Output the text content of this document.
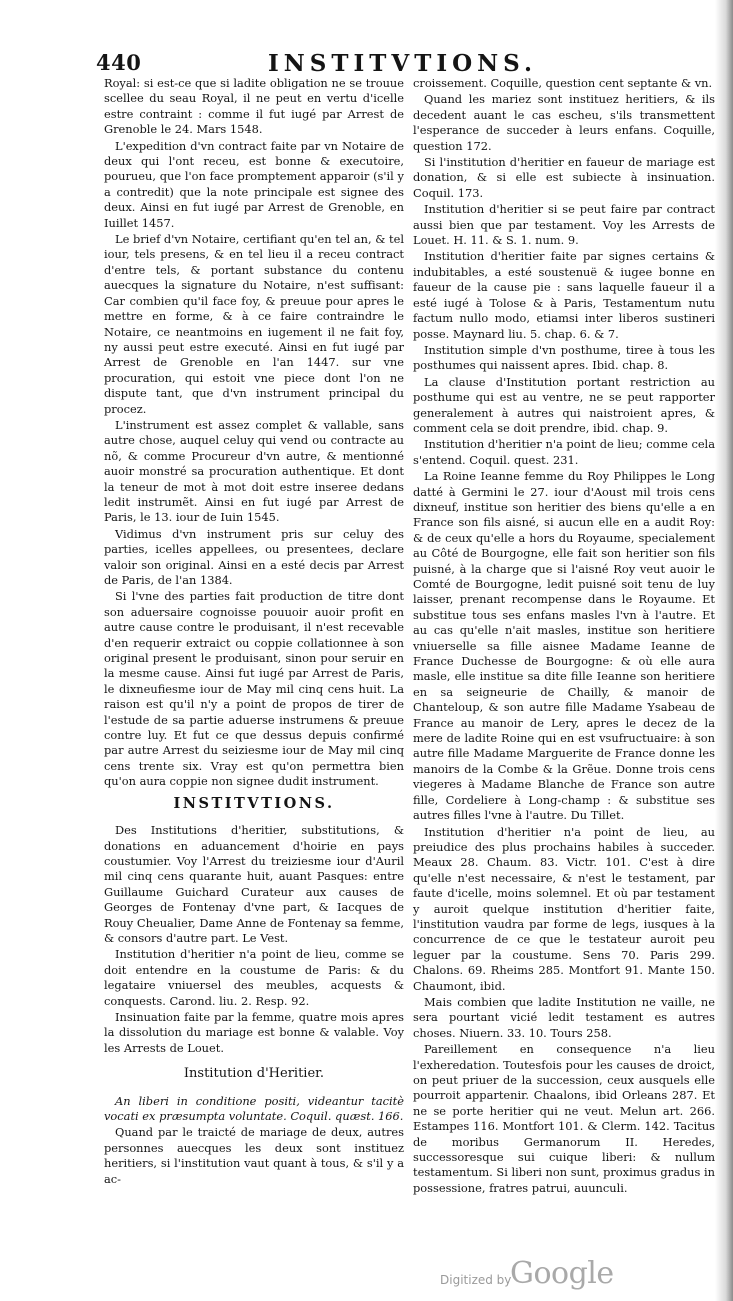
440	INSTITVTIONS.

Royal: si est-ce que si ladite obligation ne se trouue scellee du seau Royal, il ne peut en vertu d'icelle estre contraint : comme il fut iugé par Arrest de Grenoble le 24. Mars 1548.

L'expedition d'vn contract faite par vn Notaire de deux qui l'ont receu, est bonne & executoire, pourueu, que l'on face promptement apparoir (s'il y a contredit) que la note principale est signee des deux. Ainsi en fut iugé par Arrest de Grenoble, en Iuillet 1457.

Le brief d'vn Notaire, certifiant qu'en tel an, & tel iour, tels presens, & en tel lieu il a receu contract d'entre tels, & portant substance du contenu auecques la signature du Notaire, n'est suffisant: Car combien qu'il face foy, & preuue pour apres le mettre en forme, & à ce faire contraindre le Notaire, ce neantmoins en iugement il ne fait foy, ny aussi peut estre executé. Ainsi en fut iugé par Arrest de Grenoble en l'an 1447. sur vne procuration, qui estoit vne piece dont l'on ne dispute tant, que d'vn instrument principal du procez.

L'instrument est assez complet & vallable, sans autre chose, auquel celuy qui vend ou contracte au nõ, & comme Procureur d'vn autre, & mentionné auoir monstré sa procuration authentique. Et dont la teneur de mot à mot doit estre inseree dedans ledit instrumẽt. Ainsi en fut iugé par Arrest de Paris, le 13. iour de Iuin 1545.

Vidimus d'vn instrument pris sur celuy des parties, icelles appellees, ou presentees, declare valoir son original. Ainsi en a esté decis par Arrest de Paris, de l'an 1384.

Si l'vne des parties fait production de titre dont son aduersaire cognoisse pouuoir auoir profit en autre cause contre le produisant, il n'est recevable d'en requerir extraict ou coppie collationnee à son original present le produisant, sinon pour seruir en la mesme cause. Ainsi fut iugé par Arrest de Paris, le dixneufiesme iour de May mil cinq cens huit. La raison est qu'il n'y a point de propos de tirer de l'estude de sa partie aduerse instrumens & preuue contre luy. Et fut ce que dessus depuis confirmé par autre Arrest du seiziesme iour de May mil cinq cens trente six. Vray est qu'on permettra bien qu'on aura coppie non signee dudit instrument.

INSTITVTIONS.

Des Institutions d'heritier, substitutions, & donations en aduancement d'hoirie en pays coustumier. Voy l'Arrest du treiziesme iour d'Auril mil cinq cens quarante huit, auant Pasques: entre Guillaume Guichard Curateur aux causes de Georges de Fontenay d'vne part, & Iacques de Rouy Cheualier, Dame Anne de Fontenay sa femme, & consors d'autre part. Le Vest.

Institution d'heritier n'a point de lieu, comme se doit entendre en la coustume de Paris: & du legataire vniuersel des meubles, acquests & conquests. Carond. liu. 2. Resp. 92.

Insinuation faite par la femme, quatre mois apres la dissolution du mariage est bonne & valable. Voy les Arrests de Louet.

Institution d'Heritier.

An liberi in conditione positi, videantur tacitè vocati ex præsumpta voluntate. Coquil. quæst. 166.

Quand par le traicté de mariage de deux, autres personnes auecques les deux sont instituez heritiers, si l'institution vaut quant à tous, & s'il y a ac-

croissement. Coquille, question cent septante & vn.

Quand les mariez sont instituez heritiers, & ils decedent auant le cas escheu, s'ils transmettent l'esperance de succeder à leurs enfans. Coquille, question 172.

Si l'institution d'heritier en faueur de mariage est donation, & si elle est subiecte à insinuation. Coquil. 173.

Institution d'heritier si se peut faire par contract aussi bien que par testament. Voy les Arrests de Louet. H. 11. & S. 1. num. 9.

Institution d'heritier faite par signes certains & indubitables, a esté soustenuë & iugee bonne en faueur de la cause pie : sans laquelle faueur il a esté iugé à Tolose & à Paris, Testamentum nutu factum nullo modo, etiamsi inter liberos sustineri posse. Maynard liu. 5. chap. 6. & 7.

Institution simple d'vn posthume, tiree à tous les posthumes qui naissent apres. Ibid. chap. 8.

La clause d'Institution portant restriction au posthume qui est au ventre, ne se peut rapporter generalement à autres qui naistroient apres, & comment cela se doit prendre, ibid. chap. 9.

Institution d'heritier n'a point de lieu; comme cela s'entend. Coquil. quest. 231.

La Roine Ieanne femme du Roy Philippes le Long datté à Germini le 27. iour d'Aoust mil trois cens dixneuf, institue son heritier des biens qu'elle a en France son fils aisné, si aucun elle en a audit Roy: & de ceux qu'elle a hors du Royaume, specialement au Côté de Bourgogne, elle fait son heritier son fils puisné, à la charge que si l'aisné Roy veut auoir le Comté de Bourgogne, ledit puisné soit tenu de luy laisser, prenant recompense dans le Royaume. Et substitue tous ses enfans masles l'vn à l'autre. Et au cas qu'elle n'ait masles, institue son heritiere vniuerselle sa fille aisnee Madame Ieanne de France Duchesse de Bourgogne: & où elle aura masle, elle institue sa dite fille Ieanne son heritiere en sa seigneurie de Chailly, & manoir de Chanteloup, & son autre fille Madame Ysabeau de France au manoir de Lery, apres le decez de la mere de ladite Roine qui en est vsufructuaire: à son autre fille Madame Marguerite de France donne les manoirs de la Combe & la Grẽue. Donne trois cens viegeres à Madame Blanche de France son autre fille, Cordeliere à Long-champ : & substitue ses autres filles l'vne à l'autre. Du Tillet.

Institution d'heritier n'a point de lieu, au preiudice des plus prochains habiles à succeder. Meaux 28. Chaum. 83. Victr. 101. C'est à dire qu'elle n'est necessaire, & n'est le testament, par faute d'icelle, moins solemnel. Et où par testament y auroit quelque institution d'heritier faite, l'institution vaudra par forme de legs, iusques à la concurrence de ce que le testateur auroit peu leguer par la coustume. Sens 70. Paris 299. Chalons. 69. Rheims 285. Montfort 91. Mante 150. Chaumont, ibid.

Mais combien que ladite Institution ne vaille, ne sera pourtant vicié ledit testament es autres choses. Niuern. 33. 10. Tours 258.

Pareillement en consequence n'a lieu l'exheredation. Toutesfois pour les causes de droict, on peut priuer de la succession, ceux ausquels elle pourroit appartenir. Chaalons, ibid Orleans 287. Et ne se porte heritier qui ne veut. Melun art. 266. Estampes 116. Montfort 101. & Clerm. 142. Tacitus de moribus Germanorum II. Heredes, successoresque sui cuique liberi: & nullum testamentum. Si liberi non sunt, proximus gradus in possessione, fratres patrui, auunculi.

Digitized by
Google
